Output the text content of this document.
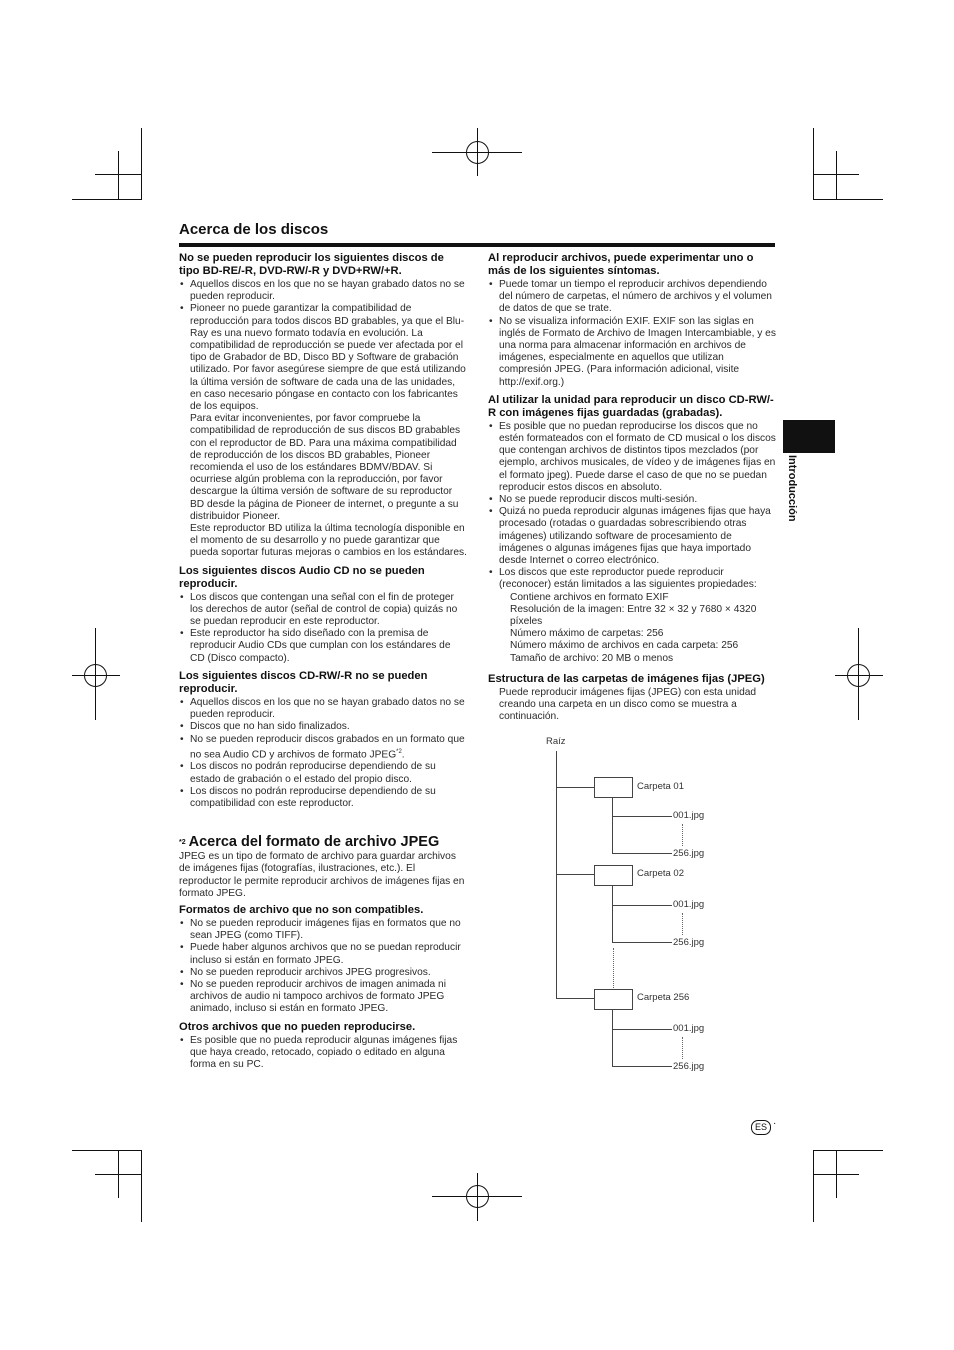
Acerca de los discos
Introducción
No se pueden reproducir los siguientes discos de tipo BD-RE/-R, DVD-RW/-R y DVD+RW/+R.

• Aquellos discos en los que no se hayan grabado datos no se pueden reproducir.

• Pioneer no puede garantizar la compatibilidad de reproducción para todos discos BD grabables, ya que el Blu-Ray es una nuevo formato todavía en evolución. La compatibilidad de reproducción se puede ver afectada por el tipo de Grabador de BD, Disco BD y Software de grabación utilizado. Por favor asegúrese siempre de que está utilizando la última versión de software de cada una de las unidades, en caso necesario póngase en contacto con los fabricantes de los equipos.

Para evitar inconvenientes, por favor compruebe la compatibilidad de reproducción de sus discos BD grabables con el reproductor de BD. Para una máxima compatibilidad de reproducción de los discos BD grabables, Pioneer recomienda el uso de los estándares BDMV/BDAV. Si ocurriese algún problema con la reproducción, por favor descargue la última versión de software de su reproductor BD desde la página de Pioneer de internet, o pregunte a su distribuidor Pioneer.

Este reproductor BD utiliza la última tecnología disponible en el momento de su desarrollo y no puede garantizar que pueda soportar futuras mejoras o cambios en los estándares.

Los siguientes discos Audio CD no se pueden reproducir.

• Los discos que contengan una señal con el fin de proteger los derechos de autor (señal de control de copia) quizás no se puedan reproducir en este reproductor.

• Este reproductor ha sido diseñado con la premisa de reproducir Audio CDs que cumplan con los estándares de CD (Disco compacto).

Los siguientes discos CD-RW/-R no se pueden reproducir.

• Aquellos discos en los que no se hayan grabado datos no se pueden reproducir.

• Discos que no han sido finalizados.

• No se pueden reproducir discos grabados en un formato que no sea Audio CD y archivos de formato JPEG$^{*2}$.

• Los discos no podrán reproducirse dependiendo de su estado de grabación o el estado del propio disco.

• Los discos no podrán reproducirse dependiendo de su compatibilidad con este reproductor.

$^{*2}$ Acerca del formato de archivo JPEG

JPEG es un tipo de formato de archivo para guardar archivos de imágenes fijas (fotografías, ilustraciones, etc.). El reproductor le permite reproducir archivos de imágenes fijas en formato JPEG.

Formatos de archivo que no son compatibles.

• No se pueden reproducir imágenes fijas en formatos que no sean JPEG (como TIFF).

• Puede haber algunos archivos que no se puedan reproducir incluso si están en formato JPEG.

• No se pueden reproducir archivos JPEG progresivos.

• No se pueden reproducir archivos de imagen animada ni archivos de audio ni tampoco archivos de formato JPEG animado, incluso si están en formato JPEG.

Otros archivos que no pueden reproducirse.

• Es posible que no pueda reproducir algunas imágenes fijas que haya creado, retocado, copiado o editado en alguna forma en su PC.

Al reproducir archivos, puede experimentar uno o más de los siguientes síntomas.

• Puede tomar un tiempo el reproducir archivos dependiendo del número de carpetas, el número de archivos y el volumen de datos de que se trate.

• No se visualiza información EXIF. EXIF son las siglas en inglés de Formato de Archivo de Imagen Intercambiable, y es una norma para almacenar información en archivos de imágenes, especialmente en aquellos que utilizan compresión JPEG. (Para información adicional, visite http://exif.org.)

Al utilizar la unidad para reproducir un disco CD-RW/-R con imágenes fijas guardadas (grabadas).

• Es posible que no puedan reproducirse los discos que no estén formateados con el formato de CD musical o los discos que contengan archivos de distintos tipos mezclados (por ejemplo, archivos musicales, de vídeo y de imágenes fijas en el formato jpeg). Puede darse el caso de que no se puedan reproducir estos discos en absoluto.

• No se puede reproducir discos multi-sesión.

• Quizá no pueda reproducir algunas imágenes fijas que haya procesado (rotadas o guardadas sobrescribiendo otras imágenes) utilizando software de procesamiento de imágenes o algunas imágenes fijas que haya importado desde Internet o correo electrónico.

• Los discos que este reproductor puede reproducir (reconocer) están limitados a las siguientes propiedades:

Contiene archivos en formato EXIF
Resolución de la imagen: Entre 32 × 32 y 7680 × 4320
píxeles
Número máximo de carpetas: 256
Número máximo de archivos en cada carpeta: 256
Tamaño de archivo: 20 MB o menos
Estructura de las carpetas de imágenes fijas (JPEG)

Puede reproducir imágenes fijas (JPEG) con esta unidad creando una carpeta en un disco como se muestra a continuación.

Raíz
Carpeta 01
001.jpg
256.jpg
Carpeta 02
001.jpg
256.jpg
Carpeta 256
001.jpg
256.jpg
ES ·
